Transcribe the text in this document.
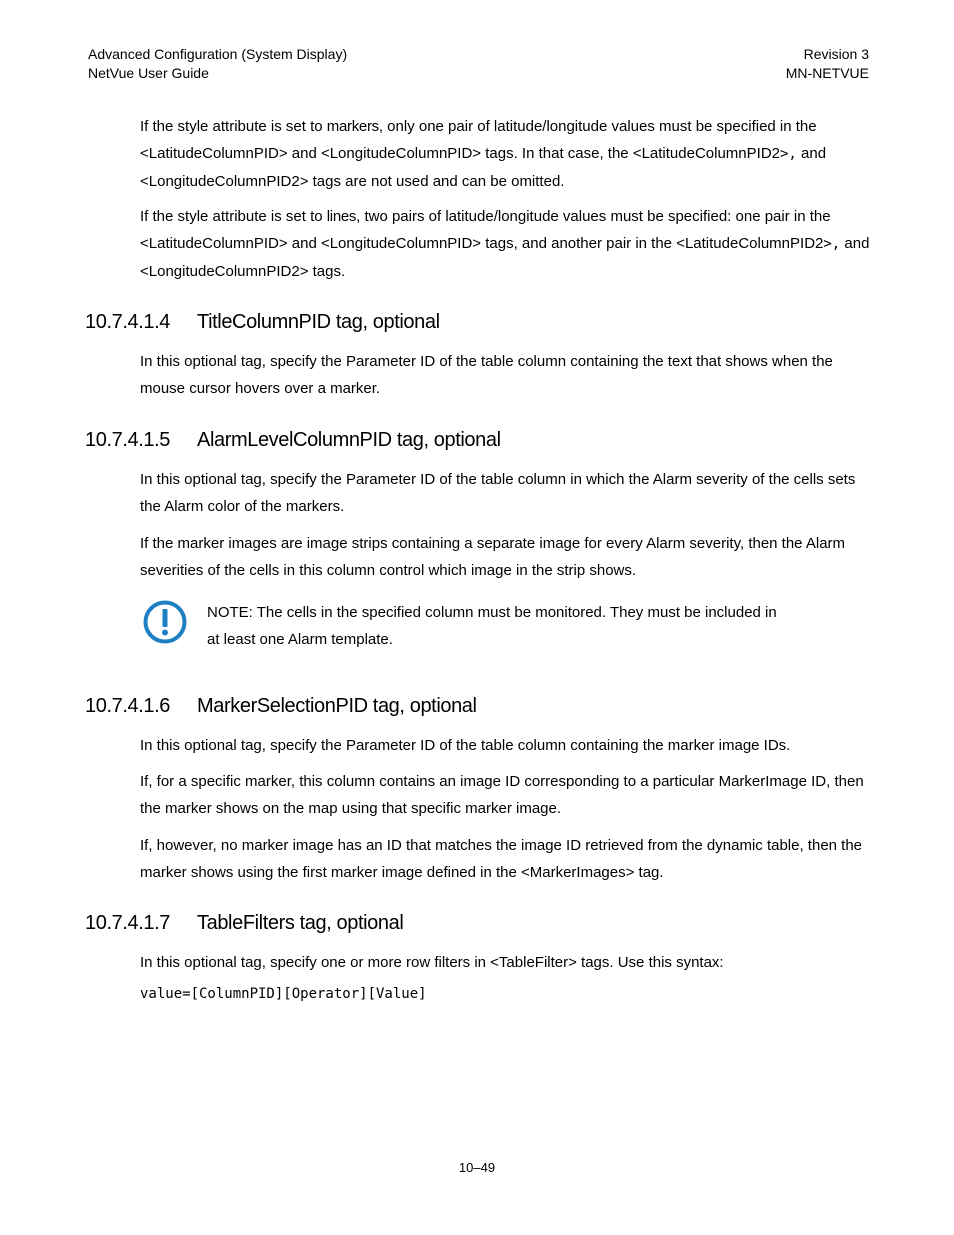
Advanced Configuration (System Display)
NetVue User Guide
Revision 3
MN-NETVUE

If the style attribute is set to markers, only one pair of latitude/longitude values must be specified in the <LatitudeColumnPID> and <LongitudeColumnPID> tags. In that case, the <LatitudeColumnPID2>, and <LongitudeColumnPID2> tags are not used and can be omitted.

If the style attribute is set to lines, two pairs of latitude/longitude values must be specified: one pair in the <LatitudeColumnPID> and <LongitudeColumnPID> tags, and another pair in the <LatitudeColumnPID2>, and <LongitudeColumnPID2> tags.

10.7.4.1.4 TitleColumnPID tag, optional

In this optional tag, specify the Parameter ID of the table column containing the text that shows when the mouse cursor hovers over a marker.

10.7.4.1.5 AlarmLevelColumnPID tag, optional

In this optional tag, specify the Parameter ID of the table column in which the Alarm severity of the cells sets the Alarm color of the markers.

If the marker images are image strips containing a separate image for every Alarm severity, then the Alarm severities of the cells in this column control which image in the strip shows.

NOTE: The cells in the specified column must be monitored. They must be included in
at least one Alarm template.

10.7.4.1.6 MarkerSelectionPID tag, optional

In this optional tag, specify the Parameter ID of the table column containing the marker image IDs.

If, for a specific marker, this column contains an image ID corresponding to a particular MarkerImage ID, then the marker shows on the map using that specific marker image.

If, however, no marker image has an ID that matches the image ID retrieved from the dynamic table, then the marker shows using the first marker image defined in the <MarkerImages> tag.

10.7.4.1.7 TableFilters tag, optional

In this optional tag, specify one or more row filters in <TableFilter> tags. Use this syntax:

value=[ColumnPID][Operator][Value]
10–49
